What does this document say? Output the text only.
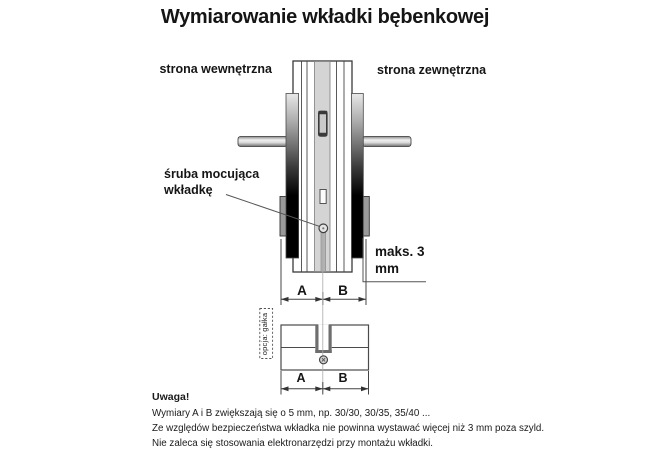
Wymiarowanie wkładki bębenkowej
strona wewnętrzna	strona zewnętrzna
śruba mocująca wkładkę
maks. 3 mm
A	B
A	B
opcja: gałka
Uwaga!
Wymiary A i B zwiększają się o 5 mm, np. 30/30, 30/35, 35/40 ...
Ze względów bezpieczeństwa wkładka nie powinna wystawać więcej niż 3 mm poza szyld.
Nie zaleca się stosowania elektronarzędzi przy montażu wkładki.
